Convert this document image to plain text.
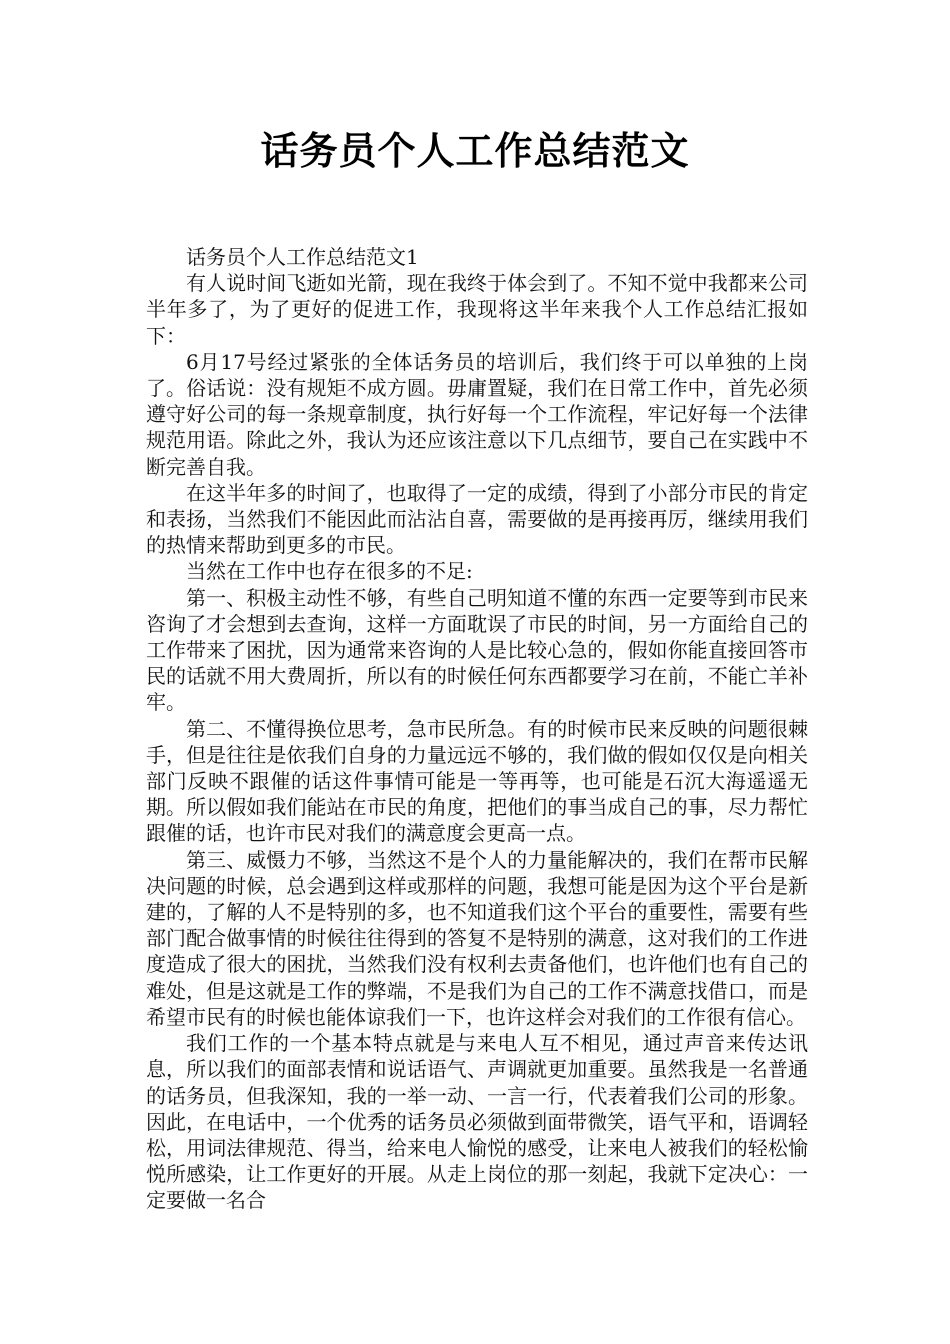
话务员个人工作总结范文

话务员个人工作总结范文1

有人说时间飞逝如光箭，现在我终于体会到了。不知不觉中我都来公司半年多了，为了更好的促进工作，我现将这半年来我个人工作总结汇报如下：

6月17号经过紧张的全体话务员的培训后，我们终于可以单独的上岗了。俗话说：没有规矩不成方圆。毋庸置疑，我们在日常工作中，首先必须遵守好公司的每一条规章制度，执行好每一个工作流程，牢记好每一个法律规范用语。除此之外，我认为还应该注意以下几点细节，要自己在实践中不断完善自我。

在这半年多的时间了，也取得了一定的成绩，得到了小部分市民的肯定和表扬，当然我们不能因此而沾沾自喜，需要做的是再接再厉，继续用我们的热情来帮助到更多的市民。

当然在工作中也存在很多的不足:

第一、积极主动性不够，有些自己明知道不懂的东西一定要等到市民来咨询了才会想到去查询，这样一方面耽误了市民的时间，另一方面给自己的工作带来了困扰，因为通常来咨询的人是比较心急的，假如你能直接回答市民的话就不用大费周折，所以有的时候任何东西都要学习在前，不能亡羊补牢。

第二、不懂得换位思考，急市民所急。有的时候市民来反映的问题很棘手，但是往往是依我们自身的力量远远不够的，我们做的假如仅仅是向相关部门反映不跟催的话这件事情可能是一等再等，也可能是石沉大海遥遥无期。所以假如我们能站在市民的角度，把他们的事当成自己的事，尽力帮忙跟催的话，也许市民对我们的满意度会更高一点。

第三、威慑力不够，当然这不是个人的力量能解决的，我们在帮市民解决问题的时候，总会遇到这样或那样的问题，我想可能是因为这个平台是新建的，了解的人不是特别的多，也不知道我们这个平台的重要性，需要有些部门配合做事情的时候往往得到的答复不是特别的满意，这对我们的工作进度造成了很大的困扰，当然我们没有权利去责备他们，也许他们也有自己的难处，但是这就是工作的弊端，不是我们为自己的工作不满意找借口，而是希望市民有的时候也能体谅我们一下，也许这样会对我们的工作很有信心。

我们工作的一个基本特点就是与来电人互不相见，通过声音来传达讯息，所以我们的面部表情和说话语气、声调就更加重要。虽然我是一名普通的话务员，但我深知，我的一举一动、一言一行，代表着我们公司的形象。因此，在电话中，一个优秀的话务员必须做到面带微笑，语气平和，语调轻松，用词法律规范、得当，给来电人愉悦的感受，让来电人被我们的轻松愉悦所感染，让工作更好的开展。从走上岗位的那一刻起，我就下定决心：一定要做一名合
